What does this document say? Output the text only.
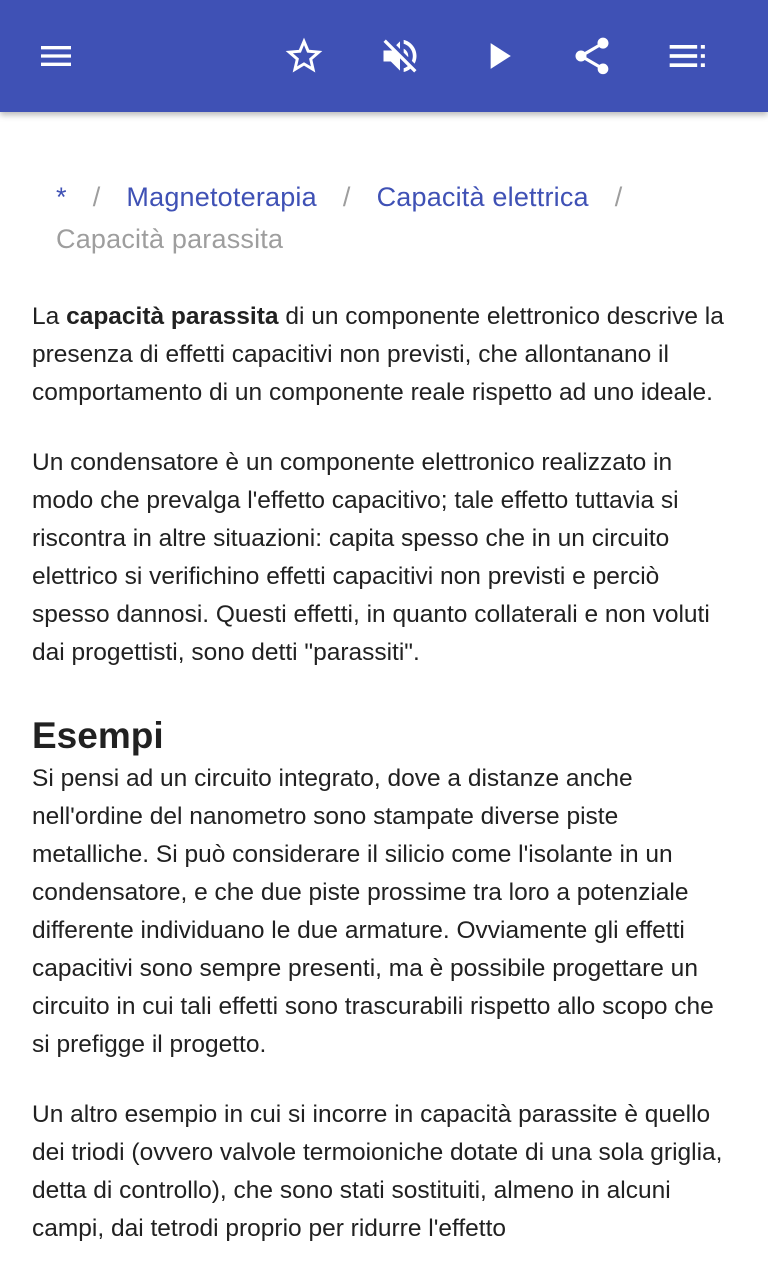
* / Magnetoterapia / Capacità elettrica /
Capacità parassita

La capacità parassita di un componente elettronico descrive la presenza di effetti capacitivi non previsti, che allontanano il comportamento di un componente reale rispetto ad uno ideale.

Un condensatore è un componente elettronico realizzato in modo che prevalga l'effetto capacitivo; tale effetto tuttavia si riscontra in altre situazioni: capita spesso che in un circuito elettrico si verifichino effetti capacitivi non previsti e perciò spesso dannosi. Questi effetti, in quanto collaterali e non voluti dai progettisti, sono detti "parassiti".

Esempi

Si pensi ad un circuito integrato, dove a distanze anche nell'ordine del nanometro sono stampate diverse piste metalliche. Si può considerare il silicio come l'isolante in un condensatore, e che due piste prossime tra loro a potenziale differente individuano le due armature. Ovviamente gli effetti capacitivi sono sempre presenti, ma è possibile progettare un circuito in cui tali effetti sono trascurabili rispetto allo scopo che si prefigge il progetto.

Un altro esempio in cui si incorre in capacità parassite è quello dei triodi (ovvero valvole termoioniche dotate di una sola griglia, detta di controllo), che sono stati sostituiti, almeno in alcuni campi, dai tetrodi proprio per ridurre l'effetto
